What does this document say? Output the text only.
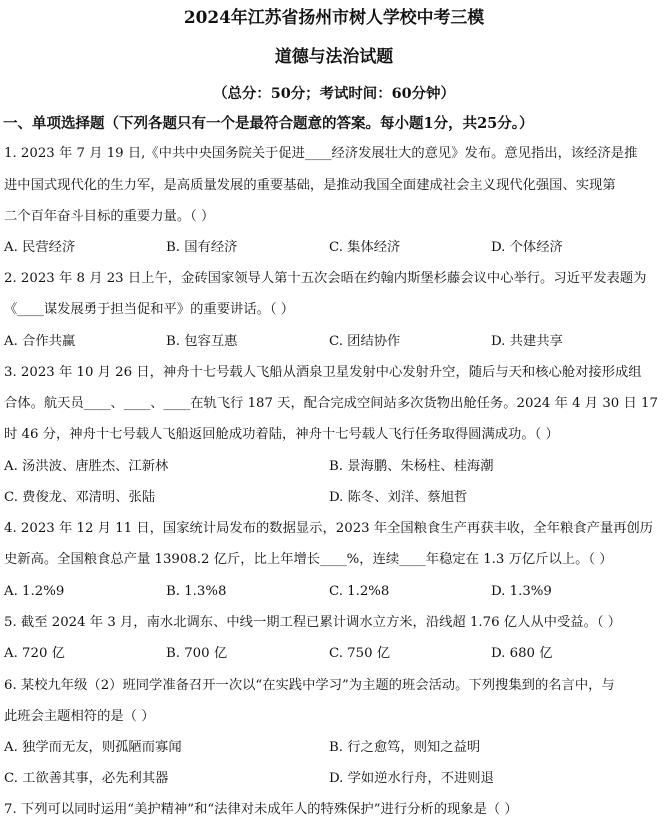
2024年江苏省扬州市树人学校中考三模
道德与法治试题
（总分：50分；考试时间：60分钟）
一、单项选择题（下列各题只有一个是最符合题意的答案。每小题1分，共25分。）
1. 2023 年 7 月 19 日,《中共中央国务院关于促进____经济发展壮大的意见》发布。意见指出，该经济是推
进中国式现代化的生力军，是高质量发展的重要基础，是推动我国全面建成社会主义现代化强国、实现第
二个百年奋斗目标的重要力量。（ ）
A. 民营经济	B. 国有经济	C. 集体经济	D. 个体经济
2. 2023 年 8 月 23 日上午，金砖国家领导人第十五次会晤在约翰内斯堡杉藤会议中心举行。习近平发表题为
《____谋发展勇于担当促和平》的重要讲话。（ ）
A. 合作共赢	B. 包容互惠	C. 团结协作	D. 共建共享
3. 2023 年 10 月 26 日，神舟十七号载人飞船从酒泉卫星发射中心发射升空，随后与天和核心舱对接形成组
合体。航天员____、____、____在轨飞行 187 天，配合完成空间站多次货物出舱任务。2024 年 4 月 30 日 17
时 46 分，神舟十七号载人飞船返回舱成功着陆，神舟十七号载人飞行任务取得圆满成功。（ ）
A. 汤洪波、唐胜杰、江新林	B. 景海鹏、朱杨柱、桂海潮
C. 费俊龙、邓清明、张陆	D. 陈冬、刘洋、蔡旭哲
4. 2023 年 12 月 11 日，国家统计局发布的数据显示，2023 年全国粮食生产再获丰收，全年粮食产量再创历
史新高。全国粮食总产量 13908.2 亿斤，比上年增长____%，连续____年稳定在 1.3 万亿斤以上。（ ）
A. 1.2%9	B. 1.3%8	C. 1.2%8	D. 1.3%9
5. 截至 2024 年 3 月，南水北调东、中线一期工程已累计调水立方米，沿线超 1.76 亿人从中受益。（ ）
A. 720 亿	B. 700 亿	C. 750 亿	D. 680 亿
6. 某校九年级（2）班同学准备召开一次以“在实践中学习”为主题的班会活动。下列搜集到的名言中，与
此班会主题相符的是（ ）
A. 独学而无友，则孤陋而寡闻	B. 行之愈笃，则知之益明
C. 工欲善其事，必先利其器	D. 学如逆水行舟，不进则退
7. 下列可以同时运用“美护精神”和“法律对未成年人的特殊保护”进行分析的现象是（ ）
